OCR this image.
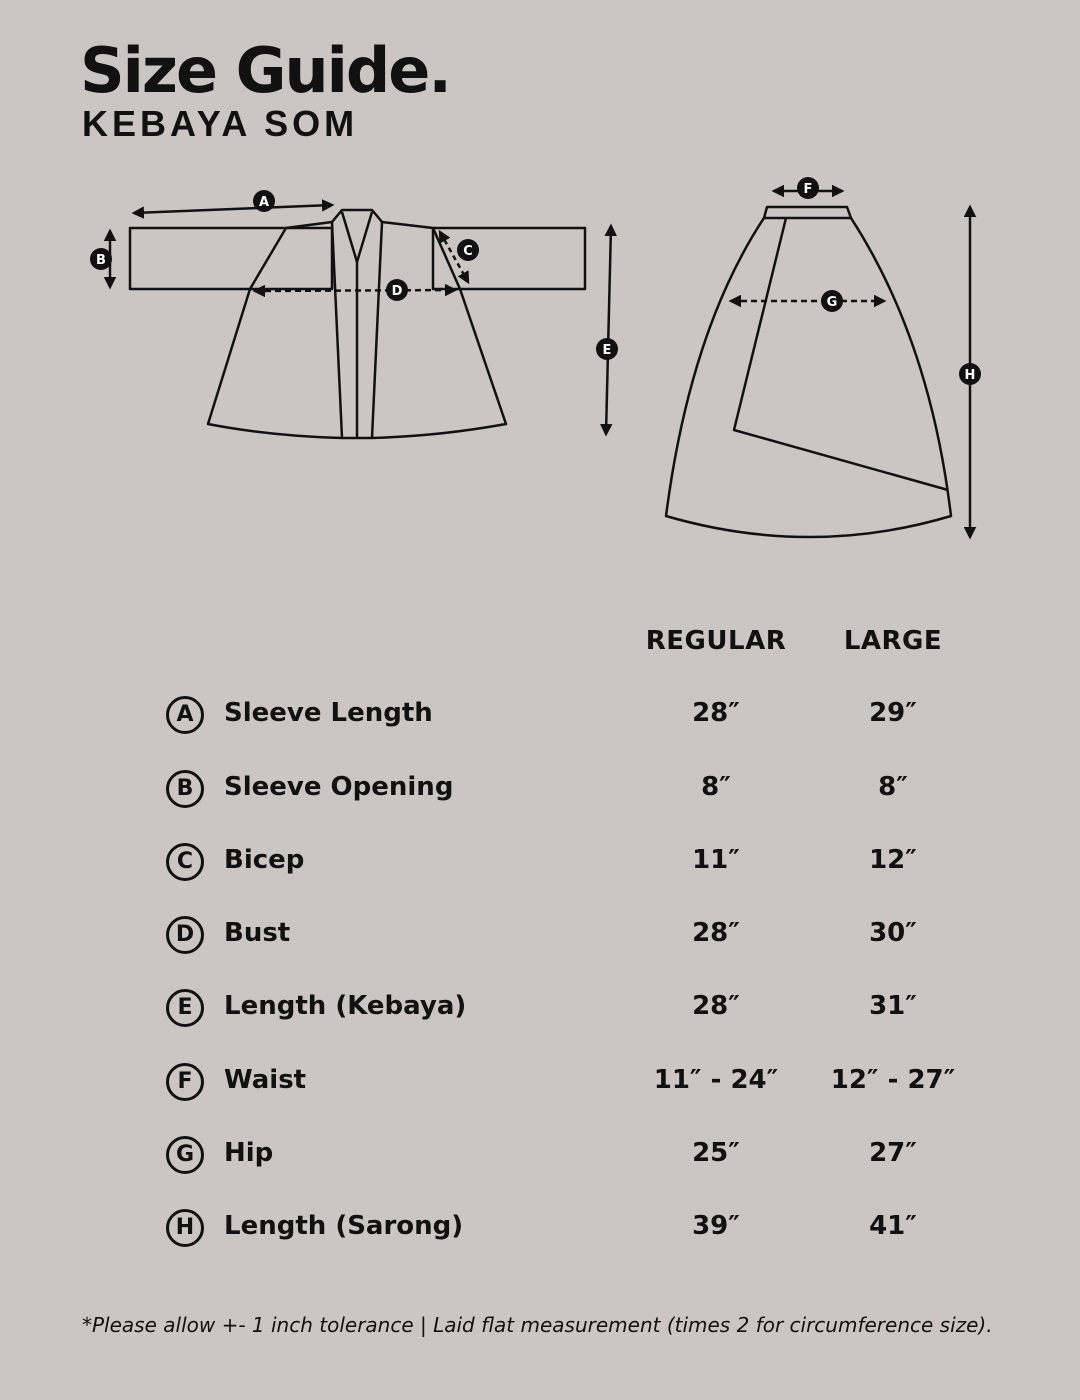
Size Guide.
KEBAYA SOM
A
B
C
D
E
F
G
H
REGULAR	LARGE
A	Sleeve Length	28″	29″
B	Sleeve Opening	8″	8″
C	Bicep	11″	12″
D	Bust	28″	30″
E	Length (Kebaya)	28″	31″
F	Waist	11″ - 24″	12″ - 27″
G	Hip	25″	27″
H	Length (Sarong)	39″	41″
*Please allow +- 1 inch tolerance | Laid flat measurement (times 2 for circumference size).
